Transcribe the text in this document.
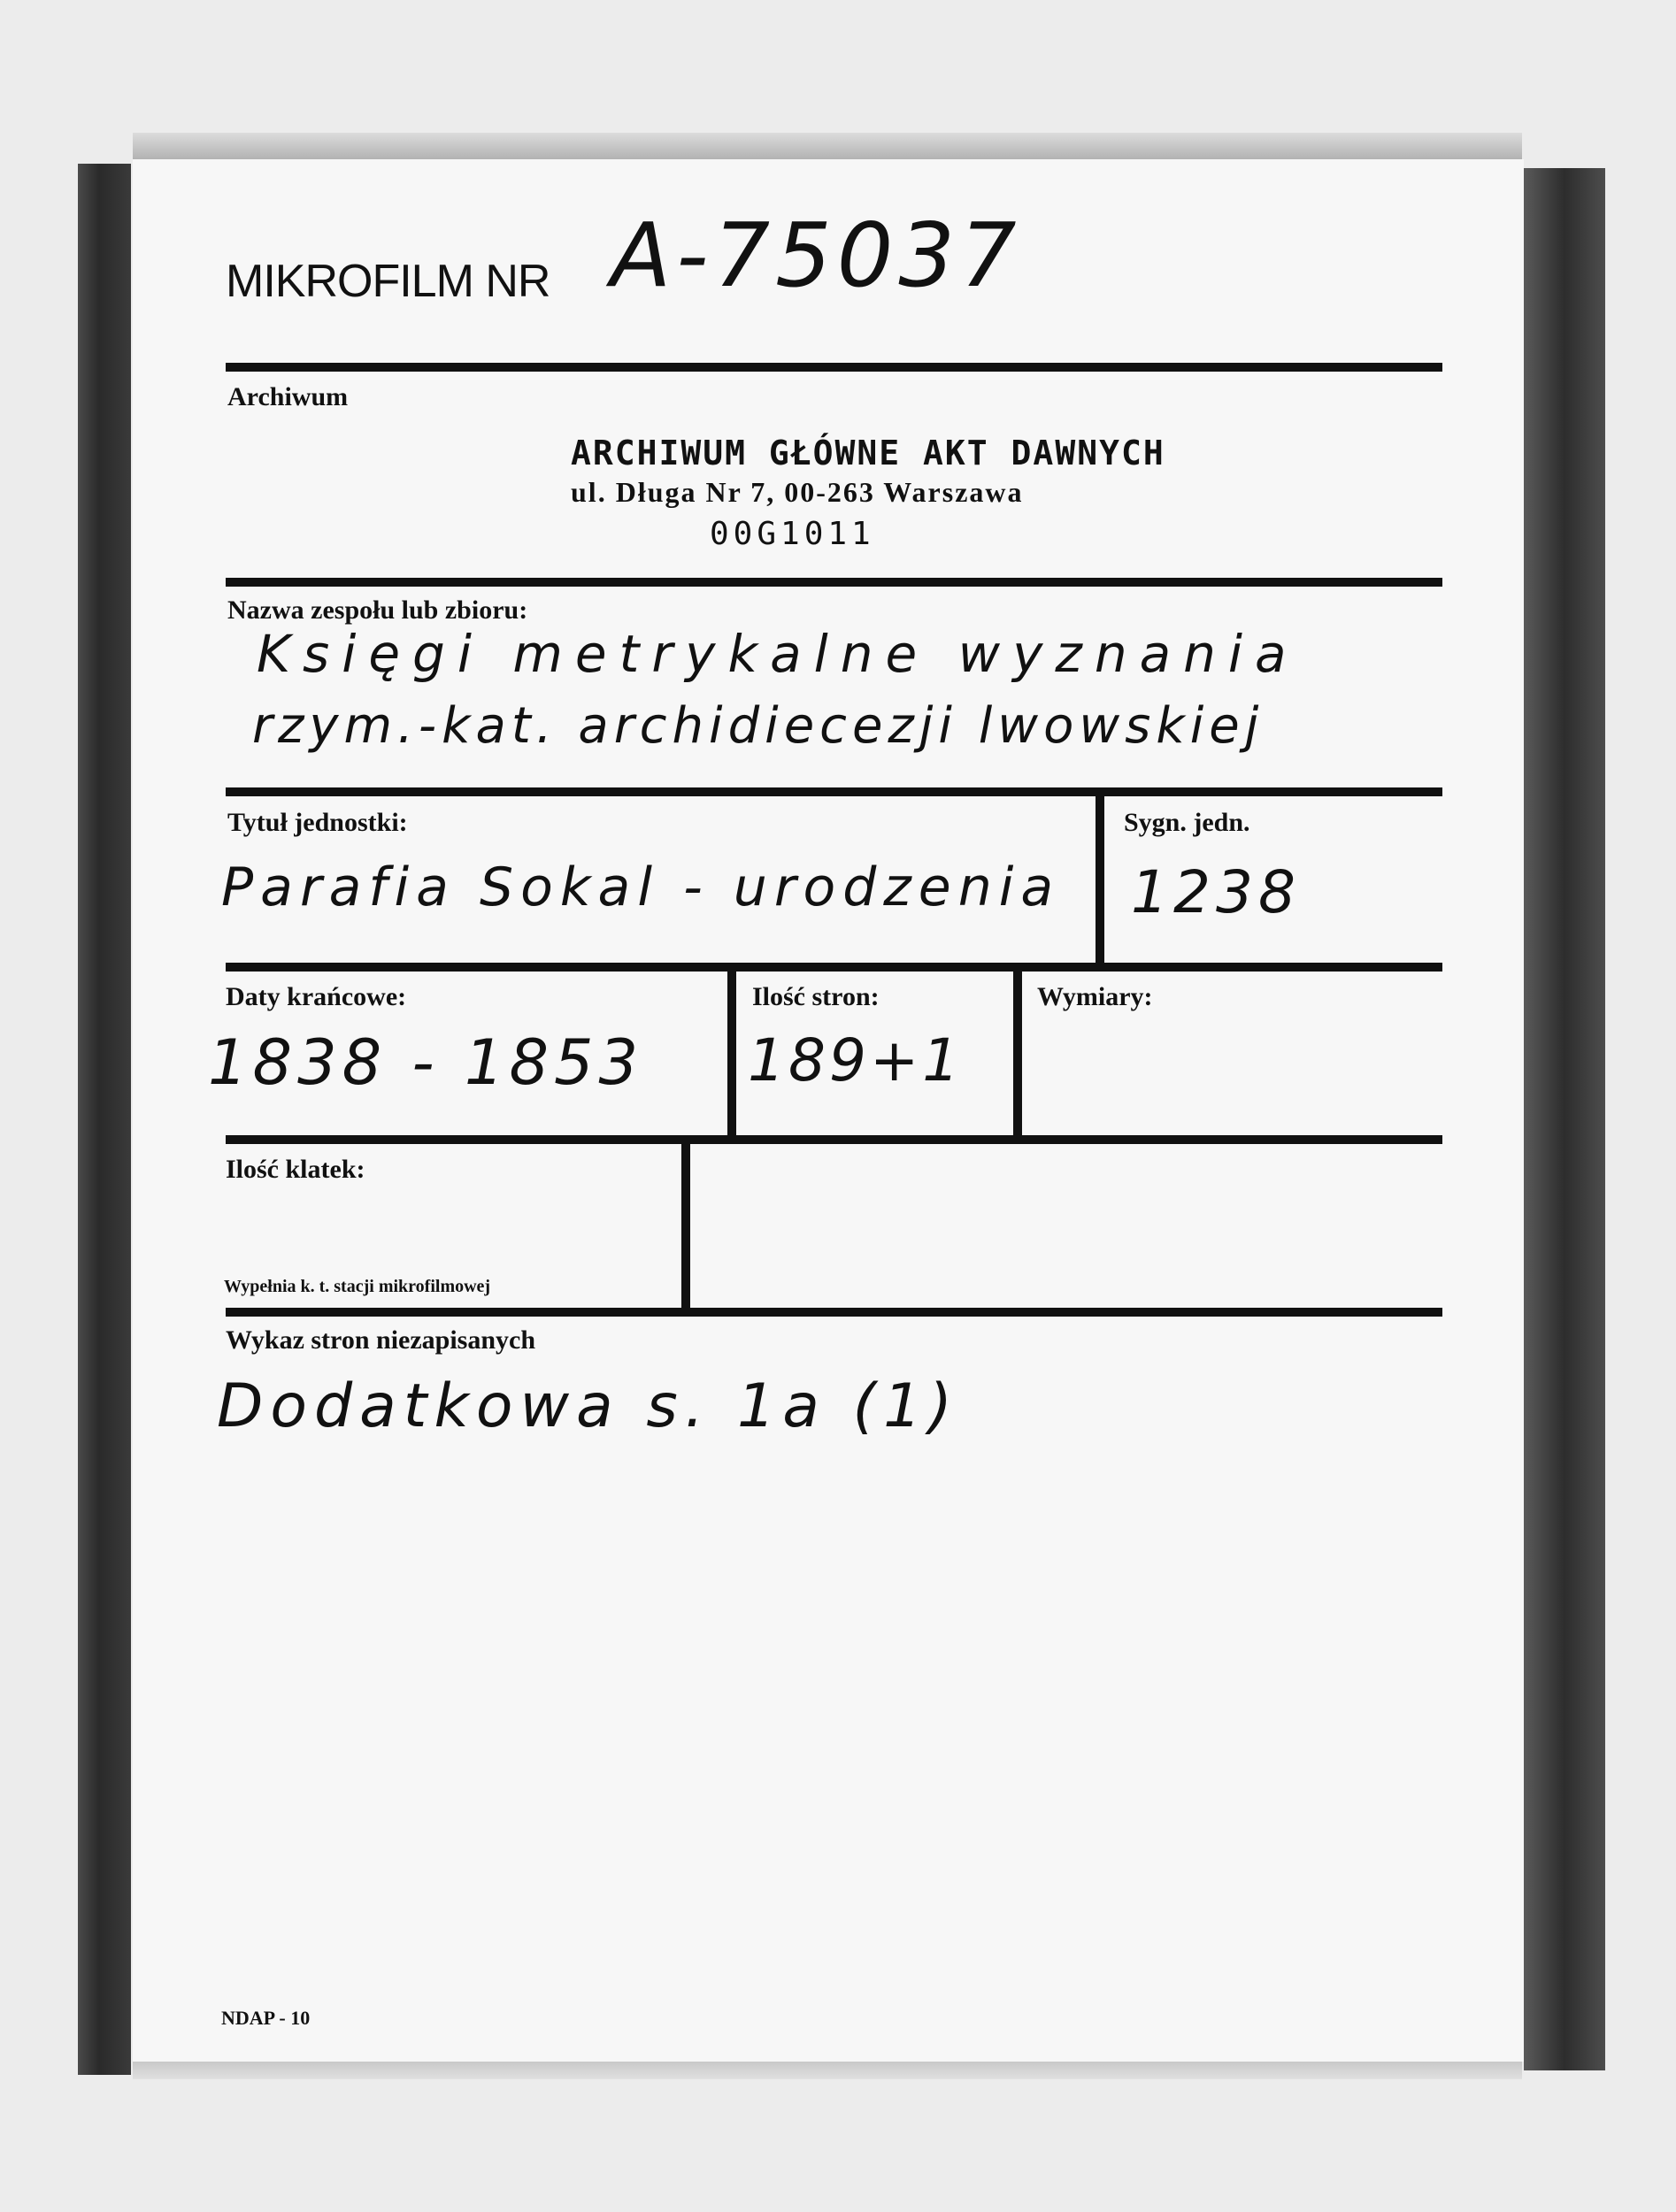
MIKROFILM NR A-75037
Archiwum
ARCHIWUM GŁÓWNE AKT DAWNYCH
ul. Długa Nr 7, 00-263 Warszawa
00G1011
Nazwa zespołu lub zbioru:
Księgi metrykalne wyznania
rzym.-kat. archidiecezji lwowskiej
Tytuł jednostki:
Parafia Sokal - urodzenia
Sygn. jedn.
1238
Daty krańcowe:
1838 - 1853
Ilość stron:
189+1
Wymiary:
Ilość klatek:
Wypełnia k. t. stacji mikrofilmowej
Wykaz stron niezapisanych
Dodatkowa s. 1a (1)
NDAP - 10
